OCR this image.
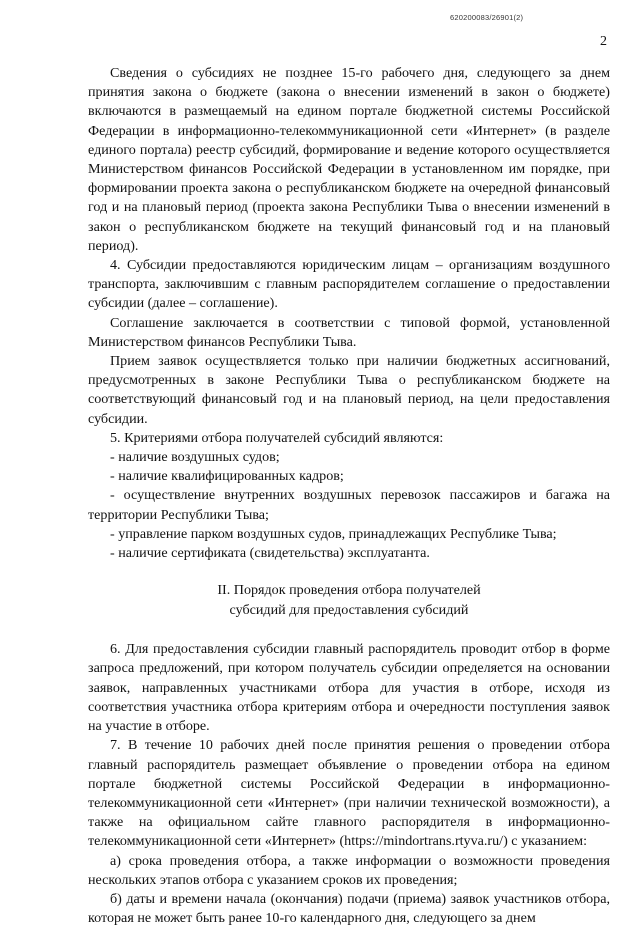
620200083/26901(2)
2

Сведения о субсидиях не позднее 15-го рабочего дня, следующего за днем принятия закона о бюджете (закона о внесении изменений в закон о бюджете) включаются в размещаемый на едином портале бюджетной системы Российской Федерации в информационно-телекоммуникационной сети «Интернет» (в разделе единого портала) реестр субсидий, формирование и ведение которого осуществляется Министерством финансов Российской Федерации в установленном им порядке, при формировании проекта закона о республиканском бюджете на очередной финансовый год и на плановый период (проекта закона Республики Тыва о внесении изменений в закон о республиканском бюджете на текущий финансовый год и на плановый период).

4. Субсидии предоставляются юридическим лицам – организациям воздушного транспорта, заключившим с главным распорядителем соглашение о предоставлении субсидии (далее – соглашение).

Соглашение заключается в соответствии с типовой формой, установленной Министерством финансов Республики Тыва.

Прием заявок осуществляется только при наличии бюджетных ассигнований, предусмотренных в законе Республики Тыва о республиканском бюджете на соответствующий финансовый год и на плановый период, на цели предоставления субсидии.

5. Критериями отбора получателей субсидий являются:

- наличие воздушных судов;

- наличие квалифицированных кадров;

- осуществление внутренних воздушных перевозок пассажиров и багажа на территории Республики Тыва;

- управление парком воздушных судов, принадлежащих Республике Тыва;

- наличие сертификата (свидетельства) эксплуатанта.

II. Порядок проведения отбора получателей
субсидий для предоставления субсидий

6. Для предоставления субсидии главный распорядитель проводит отбор в форме запроса предложений, при котором получатель субсидии определяется на основании заявок, направленных участниками отбора для участия в отборе, исходя из соответствия участника отбора критериям отбора и очередности поступления заявок на участие в отборе.

7. В течение 10 рабочих дней после принятия решения о проведении отбора главный распорядитель размещает объявление о проведении отбора на едином портале бюджетной системы Российской Федерации в информационно-телекоммуникационной сети «Интернет» (при наличии технической возможности), а также на официальном сайте главного распорядителя в информационно-телекоммуникационной сети «Интернет» (https://mindortrans.rtyva.ru/) с указанием:

а) срока проведения отбора, а также информации о возможности проведения нескольких этапов отбора с указанием сроков их проведения;

б) даты и времени начала (окончания) подачи (приема) заявок участников отбора, которая не может быть ранее 10-го календарного дня, следующего за днем
